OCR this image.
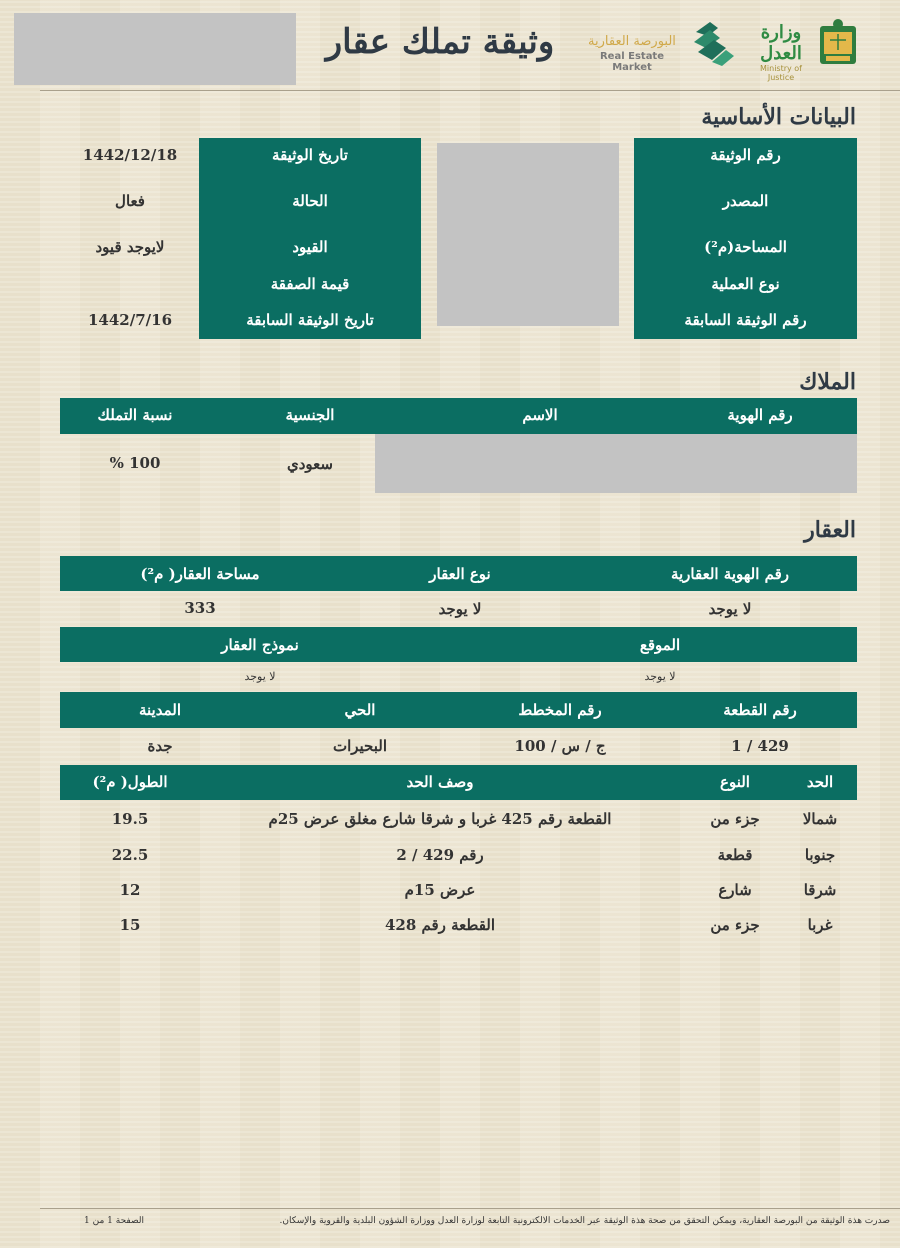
وثيقة تملك عقار	البورصة العقارية
Real Estate Market
وزارة العدل
Ministry of Justice
البيانات الأساسية
رقم الوثيقة
المصدر
المساحة(م²)
نوع العملية
رقم الوثيقة السابقة
تاريخ الوثيقة
الحالة
القيود
قيمة الصفقة
تاريخ الوثيقة السابقة
1442/12/18
فعال
لايوجد قيود
1442/7/16
الملاك
رقم الهوية
الاسم
الجنسية
نسبة التملك
سعودي
100 %
العقار
رقم الهوية العقارية
نوع العقار
مساحة العقار( م²)
لا يوجد
لا يوجد
333
الموقع
نموذج العقار
لا يوجد
لا يوجد
رقم القطعة
رقم المخطط
الحي
المدينة
1 / 429
ج / س / 100
البحيرات
جدة
الحد
النوع
وصف الحد
الطول( م²)
شمالا
جزء من
القطعة رقم 425 غربا و شرقا شارع مغلق عرض 25م
19.5
جنوبا
قطعة
رقم 429 / 2
22.5
شرقا
شارع
عرض 15م
12
غربا
جزء من
القطعة رقم 428
15
صدرت هذة الوثيقة من البورصة العقارية، ويمكن التحقق من صحة هذة الوثيقة عبر الخدمات الالكترونية التابعة لوزارة العدل ووزارة الشؤون البلدية والقروية والإسكان.
الصفحة 1 من 1
